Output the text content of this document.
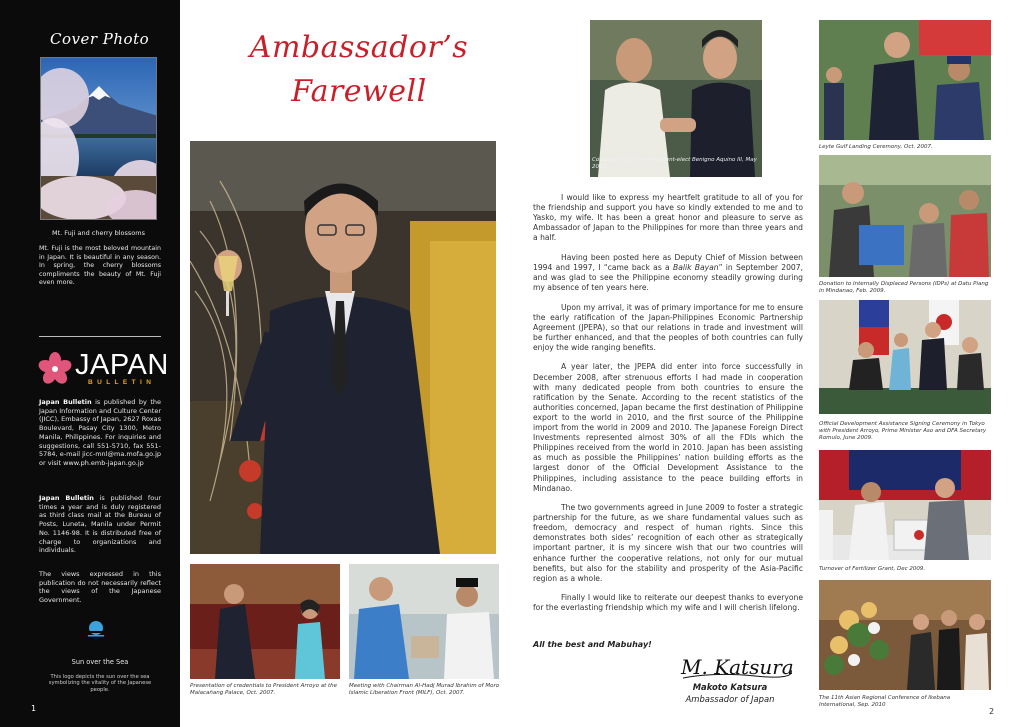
Cover Photo
Mt. Fuji and cherry blossoms
Mt. Fuji is the most beloved mountain in Japan. It is beautiful in any season. In spring, the cherry blossoms compliments the beauty of Mt. Fuji even more.
JAPAN
BULLETIN
Japan Bulletin is published by the Japan Information and Culture Center (JICC), Embassy of Japan, 2627 Roxas Boulevard, Pasay City 1300, Metro Manila, Philippines. For inquiries and suggestions, call 551-5710, fax 551-5784, e-mail jicc-mnl@ma.mofa.go.jp or visit www.ph.emb-japan.go.jp
Japan Bulletin is published four times a year and is duly registered as third class mail at the Bureau of Posts, Luneta, Manila under Permit No. 1146-98. It is distributed free of charge to organizations and individuals.
The views expressed in this publication do not necessarily reflect the views of the Japanese Government.
Sun over the Sea
This logo depicts the sun over the sea symbolizing the vitality of the Japanese people.
1
Ambassador’s
Farewell
Presentation of credentials to President Arroyo at the Malacañang Palace, Oct. 2007.
Meeting with Chairman Al-Hadj Murad Ibrahim of Moro Islamic Liberation Front (MILF), Oct. 2007.
Courtesy call on the President-elect Benigno Aquino III, May 2010.

I would like to express my heartfelt gratitude to all of you for the friendship and support you have so kindly extended to me and to Yasko, my wife. It has been a great honor and pleasure to serve as Ambassador of Japan to the Philippines for more than three years and a half.

Having been posted here as Deputy Chief of Mission between 1994 and 1997, I “came back as a Balik Bayan” in September 2007, and was glad to see the Philippine economy steadily growing during my absence of ten years here.

Upon my arrival, it was of primary importance for me to ensure the early ratification of the Japan-Philippines Economic Partnership Agreement (JPEPA), so that our relations in trade and investment will be further enhanced, and that the peoples of both countries can fully enjoy the wide ranging benefits.

A year later, the JPEPA did enter into force successfully in December 2008, after strenuous efforts I had made in cooperation with many dedicated people from both countries to ensure the ratification by the Senate. According to the recent statistics of the authorities concerned, Japan became the first destination of Philippine export to the world in 2010, and the first source of the Philippine import from the world in 2009 and 2010. The Japanese Foreign Direct Investments represented almost 30% of all the FDIs which the Philippines received from the world in 2010. Japan has been assisting as much as possible the Philippines’ nation building efforts as the largest donor of the Official Development Assistance to the Philippines, including assistance to the peace building efforts in Mindanao.

The two governments agreed in June 2009 to foster a strategic partnership for the future, as we share fundamental values such as freedom, democracy and respect of human rights. Since this demonstrates both sides’ recognition of each other as strategically important partner, it is my sincere wish that our two countries will enhance further the cooperative relations, not only for our mutual benefits, but also for the stability and prosperity of the Asia-Pacific region as a whole.

Finally I would like to reiterate our deepest thanks to everyone for the everlasting friendship which my wife and I will cherish lifelong.

All the best and Mabuhay!
M. Katsura
Makoto Katsura
Ambassador of Japan
Leyte Gulf Landing Ceremony, Oct. 2007.
Donation to Internally Displaced Persons (IDPs) at Datu Piang in Mindanao, Feb. 2009.
Official Development Assistance Signing Ceremony in Tokyo with President Arroyo, Prime Minister Aso and DFA Secretary Romulo, June 2009.
Turnover of Fertilizer Grant, Dec 2009.
The 11th Asian Regional Conference of Ikebana International, Sep. 2010
2
